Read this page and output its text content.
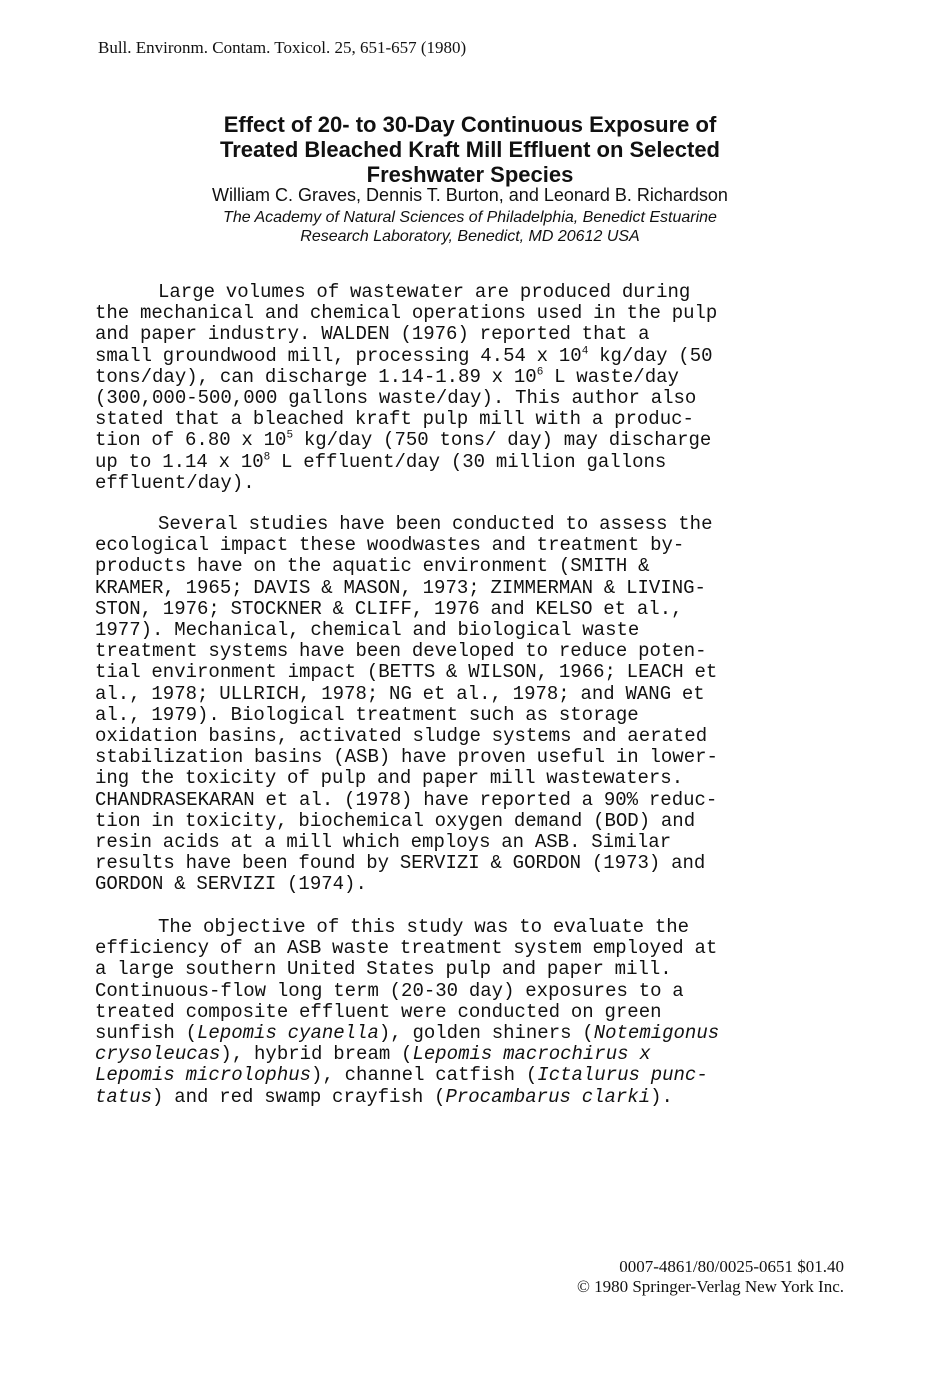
Bull. Environm. Contam. Toxicol. 25, 651-657 (1980)
Effect of 20- to 30-Day Continuous Exposure of
Treated Bleached Kraft Mill Effluent on Selected
Freshwater Species
William C. Graves, Dennis T. Burton, and Leonard B. Richardson
The Academy of Natural Sciences of Philadelphia, Benedict Estuarine
Research Laboratory, Benedict, MD 20612 USA
Large volumes of wastewater are produced during
the mechanical and chemical operations used in the pulp
and paper industry. WALDEN (1976) reported that a
small groundwood mill, processing 4.54 x $10^4$ kg/day (50
tons/day), can discharge 1.14-1.89 x $10^6$ L waste/day
(300,000-500,000 gallons waste/day). This author also
stated that a bleached kraft pulp mill with a produc-
tion of 6.80 x $10^5$ kg/day (750 tons/ day) may discharge
up to 1.14 x $10^8$ L effluent/day (30 million gallons
effluent/day).
Several studies have been conducted to assess the
ecological impact these woodwastes and treatment by-
products have on the aquatic environment (SMITH &
KRAMER, 1965; DAVIS & MASON, 1973; ZIMMERMAN & LIVING-
STON, 1976; STOCKNER & CLIFF, 1976 and KELSO et al.,
1977). Mechanical, chemical and biological waste
treatment systems have been developed to reduce poten-
tial environment impact (BETTS & WILSON, 1966; LEACH et
al., 1978; ULLRICH, 1978; NG et al., 1978; and WANG et
al., 1979). Biological treatment such as storage
oxidation basins, activated sludge systems and aerated
stabilization basins (ASB) have proven useful in lower-
ing the toxicity of pulp and paper mill wastewaters.
CHANDRASEKARAN et al. (1978) have reported a 90% reduc-
tion in toxicity, biochemical oxygen demand (BOD) and
resin acids at a mill which employs an ASB. Similar
results have been found by SERVIZI & GORDON (1973) and
GORDON & SERVIZI (1974).
The objective of this study was to evaluate the
efficiency of an ASB waste treatment system employed at
a large southern United States pulp and paper mill.
Continuous-flow long term (20-30 day) exposures to a
treated composite effluent were conducted on green
sunfish (Lepomis cyanella), golden shiners (Notemigonus
crysoleucas), hybrid bream (Lepomis macrochirus x
Lepomis microlophus), channel catfish (Ictalurus punc-
tatus) and red swamp crayfish (Procambarus clarki).
0007-4861/80/0025-0651 $01.40
© 1980 Springer-Verlag New York Inc.
